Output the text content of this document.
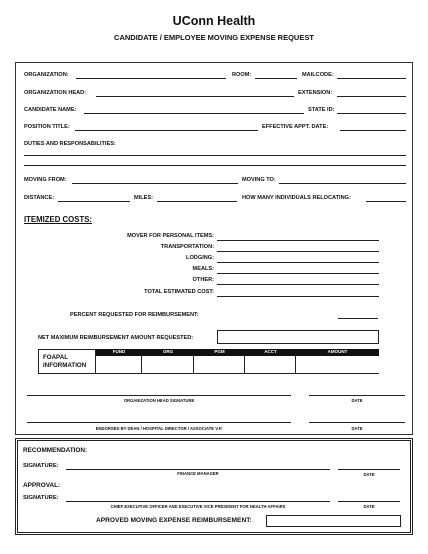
UConn Health
CANDIDATE / EMPLOYEE MOVING EXPENSE REQUEST
ORGANIZATION:	ROOM:	MAILCODE:
ORGANIZATION HEAD:	EXTENSION:
CANDIDATE NAME:	STATE ID:
POSITION TITLE:	EFFECTIVE APPT. DATE:
DUTIES AND RESPONSABILITIES:
MOVING FROM:	MOVING TO:
DISTANCE:	MILES:	HOW MANY INDIVIDUALS RELOCATING:
ITEMIZED COSTS:
MOVER FOR PERSONAL ITEMS:
TRANSPORTATION:
LODGING:
MEALS:
OTHER:
TOTAL ESTIMATED COST:
PERCENT REQUESTED FOR REIMBURSEMENT:
NET MAXIMUM REIMBURSEMENT AMOUNT REQUESTED:
FOAPAL
INFORMATION
FUND	ORG	PGM	ACCT	AMOUNT
ORGANIZATION HEAD SIGNATURE	DATE
ENDORSED BY DEAN / HOSPITAL DIRECTOR / ASSOCIATE V.P.	DATE
RECOMMENDATION:
SIGNATURE:
FINANCE MANAGER	DATE
APPROVAL:
SIGNATURE:
CHIEF EXECUTIVE OFFICER AND EXECUTIVE VICE PRESIDENT FOR HEALTH AFFAIRS	DATE
APROVED MOVING EXPENSE REIMBURSEMENT:
